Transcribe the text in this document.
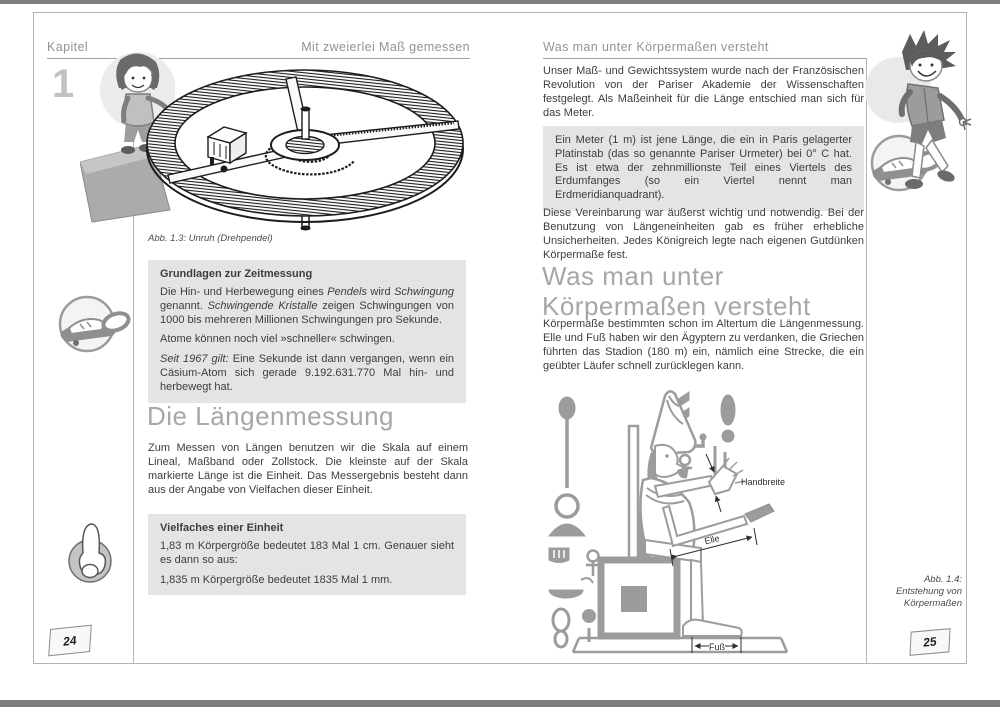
Kapitel	Mit zweierlei Maß gemessen
1
Abb. 1.3: Unruh (Drehpendel)
Grundlagen zur Zeitmessung

Die Hin- und Herbewegung eines Pendels wird Schwingung genannt. Schwingende Kristalle zeigen Schwingungen von 1000 bis mehreren Millionen Schwingungen pro Sekunde.

Atome können noch viel »schneller« schwingen.

Seit 1967 gilt: Eine Sekunde ist dann vergangen, wenn ein Cäsium-Atom sich gerade 9.192.631.770 Mal hin- und herbewegt hat.

Die Längenmessung
Zum Messen von Längen benutzen wir die Skala auf einem Lineal, Maßband oder Zollstock. Die kleinste auf der Skala markierte Länge ist die Einheit. Das Messergebnis besteht dann aus der Angabe von Vielfachen dieser Einheit.
Vielfaches einer Einheit

1,83 m Körpergröße bedeutet 183 Mal 1 cm. Genauer sieht es dann so aus:

1,835 m Körpergröße bedeutet 1835 Mal 1 mm.

24
Was man unter Körpermaßen versteht
Unser Maß- und Gewichtssystem wurde nach der Französischen Revolution von der Pariser Akademie der Wissenschaften festgelegt. Als Maßeinheit für die Länge entschied man sich für das Meter.

Ein Meter (1 m) ist jene Länge, die ein in Paris gelagerter Platinstab (das so genannte Pariser Urmeter) bei 0° C hat. Es ist etwa der zehnmillionste Teil eines Viertels des Erdumfanges (so ein Viertel nennt man Erdmeridianquadrant).

Diese Vereinbarung war äußerst wichtig und notwendig. Bei der Benutzung von Längeneinheiten gab es früher erhebliche Unsicherheiten. Jedes Königreich legte nach eigenen Gutdünken Körpermaße fest.
Was man unter Körpermaßen versteht
Körpermaße bestimmten schon im Altertum die Längenmessung. Elle und Fuß haben wir den Ägyptern zu verdanken, die Griechen führten das Stadion (180 m) ein, nämlich eine Strecke, die ein geübter Läufer schnell zurücklegen kann.
Handbreite
Elle
Fuß
Abb. 1.4:
Entstehung von
Körpermaßen
25
